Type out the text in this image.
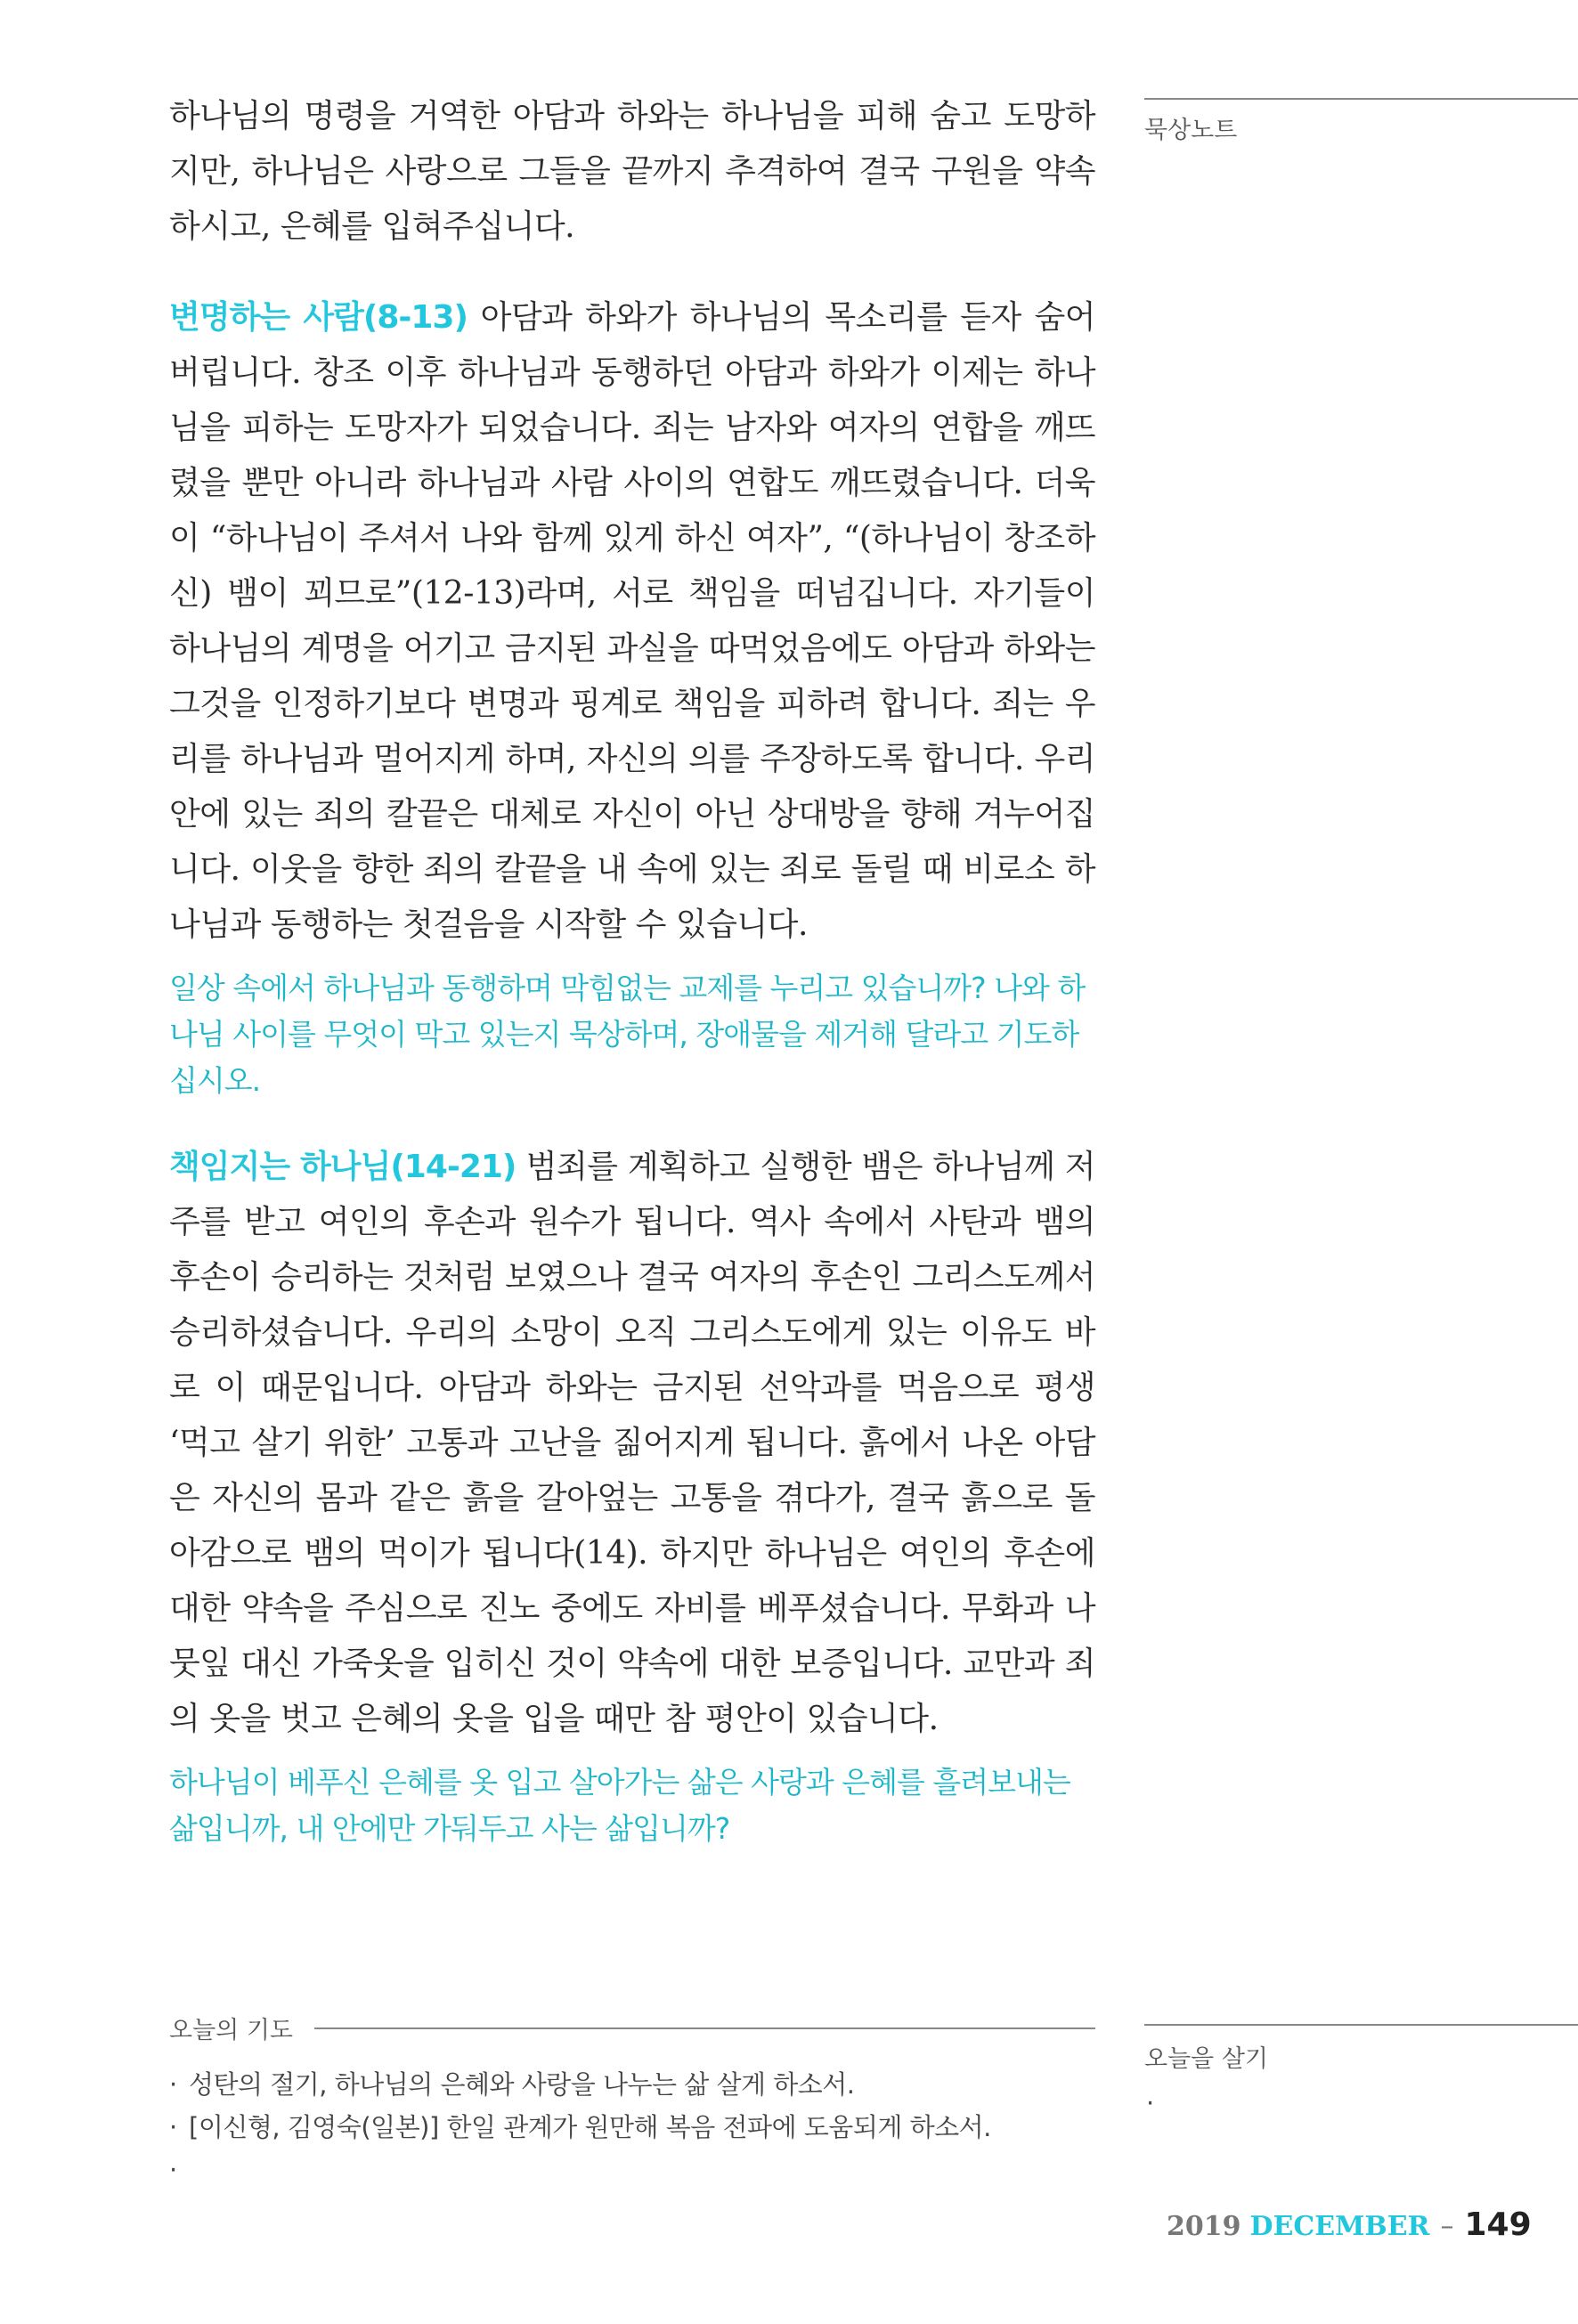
하나님의 명령을 거역한 아담과 하와는 하나님을 피해 숨고 도망하지만, 하나님은 사랑으로 그들을 끝까지 추격하여 결국 구원을 약속하시고, 은혜를 입혀주십니다.

변명하는 사람(8-13) 아담과 하와가 하나님의 목소리를 듣자 숨어버립니다. 창조 이후 하나님과 동행하던 아담과 하와가 이제는 하나님을 피하는 도망자가 되었습니다. 죄는 남자와 여자의 연합을 깨뜨렸을 뿐만 아니라 하나님과 사람 사이의 연합도 깨뜨렸습니다. 더욱이 “하나님이 주셔서 나와 함께 있게 하신 여자”, “(하나님이 창조하신) 뱀이 꾀므로”(12-13)라며, 서로 책임을 떠넘깁니다. 자기들이 하나님의 계명을 어기고 금지된 과실을 따먹었음에도 아담과 하와는 그것을 인정하기보다 변명과 핑계로 책임을 피하려 합니다. 죄는 우리를 하나님과 멀어지게 하며, 자신의 의를 주장하도록 합니다. 우리 안에 있는 죄의 칼끝은 대체로 자신이 아닌 상대방을 향해 겨누어집니다. 이웃을 향한 죄의 칼끝을 내 속에 있는 죄로 돌릴 때 비로소 하나님과 동행하는 첫걸음을 시작할 수 있습니다.

일상 속에서 하나님과 동행하며 막힘없는 교제를 누리고 있습니까? 나와 하나님 사이를 무엇이 막고 있는지 묵상하며, 장애물을 제거해 달라고 기도하십시오.

책임지는 하나님(14-21) 범죄를 계획하고 실행한 뱀은 하나님께 저주를 받고 여인의 후손과 원수가 됩니다. 역사 속에서 사탄과 뱀의 후손이 승리하는 것처럼 보였으나 결국 여자의 후손인 그리스도께서 승리하셨습니다. 우리의 소망이 오직 그리스도에게 있는 이유도 바로 이 때문입니다. 아담과 하와는 금지된 선악과를 먹음으로 평생 ‘먹고 살기 위한’ 고통과 고난을 짊어지게 됩니다. 흙에서 나온 아담은 자신의 몸과 같은 흙을 갈아엎는 고통을 겪다가, 결국 흙으로 돌아감으로 뱀의 먹이가 됩니다(14). 하지만 하나님은 여인의 후손에 대한 약속을 주심으로 진노 중에도 자비를 베푸셨습니다. 무화과 나뭇잎 대신 가죽옷을 입히신 것이 약속에 대한 보증입니다. 교만과 죄의 옷을 벗고 은혜의 옷을 입을 때만 참 평안이 있습니다.

하나님이 베푸신 은혜를 옷 입고 살아가는 삶은 사랑과 은혜를 흘려보내는 삶입니까, 내 안에만 가둬두고 사는 삶입니까?

묵상노트
오늘을 살기
·
오늘의 기도
· 성탄의 절기, 하나님의 은혜와 사랑을 나누는 삶 살게 하소서.
· [이신형, 김영숙(일본)] 한일 관계가 원만해 복음 전파에 도움되게 하소서.
·
2019 DECEMBER – 149
